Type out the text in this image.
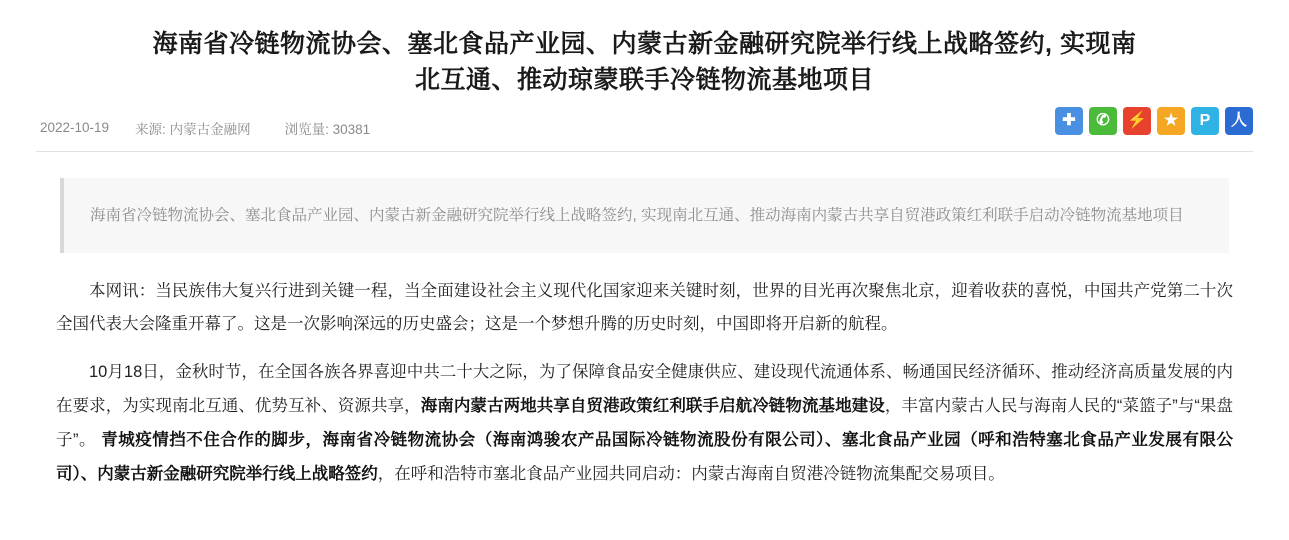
海南省冷链物流协会、塞北食品产业园、内蒙古新金融研究院举行线上战略签约, 实现南北互通、推动琼蒙联手冷链物流基地项目
2022-10-19 来源: 内蒙古金融网	浏览量: 30381
✚	✆	⚡	★	P	人
海南省冷链物流协会、塞北食品产业园、内蒙古新金融研究院举行线上战略签约, 实现南北互通、推动海南内蒙古共享自贸港政策红利联手启动冷链物流基地项目

本网讯：当民族伟大复兴行进到关键一程，当全面建设社会主义现代化国家迎来关键时刻，世界的目光再次聚焦北京，迎着收获的喜悦，中国共产党第二十次全国代表大会隆重开幕了。这是一次影响深远的历史盛会；这是一个梦想升腾的历史时刻，中国即将开启新的航程。

10月18日，金秋时节，在全国各族各界喜迎中共二十大之际，为了保障食品安全健康供应、建设现代流通体系、畅通国民经济循环、推动经济高质量发展的内在要求，为实现南北互通、优势互补、资源共享，海南内蒙古两地共享自贸港政策红利联手启航冷链物流基地建设，丰富内蒙古人民与海南人民的“菜篮子”与“果盘子”。 青城疫情挡不住合作的脚步，海南省冷链物流协会（海南鸿骏农产品国际冷链物流股份有限公司）、塞北食品产业园（呼和浩特塞北食品产业发展有限公司）、内蒙古新金融研究院举行线上战略签约，在呼和浩特市塞北食品产业园共同启动：内蒙古海南自贸港冷链物流集配交易项目。
